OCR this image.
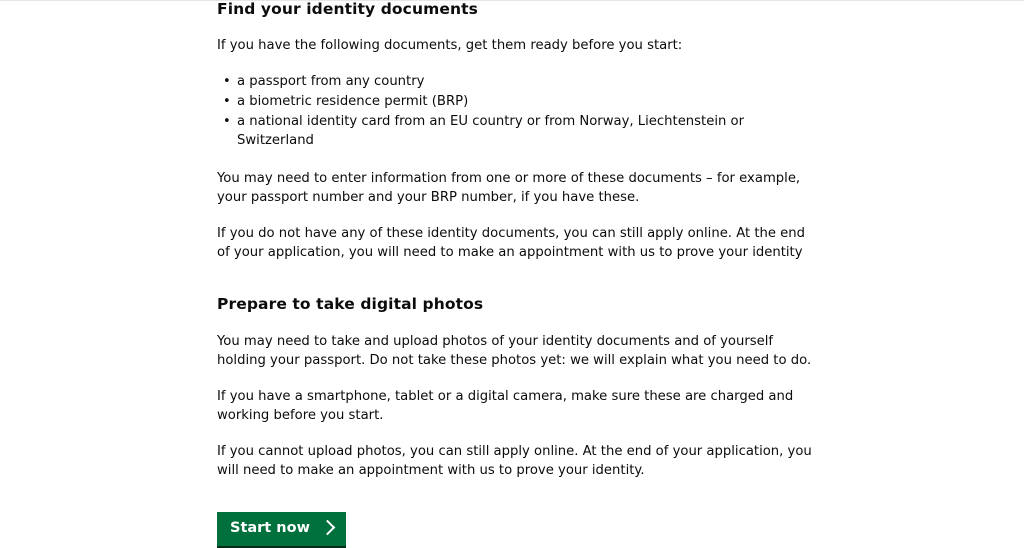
Find your identity documents

If you have the following documents, get them ready before you start:

• a passport from any country
• a biometric residence permit (BRP)
• a national identity card from an EU country or from Norway, Liechtenstein or Switzerland

You may need to enter information from one or more of these documents – for example, your passport number and your BRP number, if you have these.

If you do not have any of these identity documents, you can still apply online. At the end of your application, you will need to make an appointment with us to prove your identity

Prepare to take digital photos

You may need to take and upload photos of your identity documents and of yourself holding your passport. Do not take these photos yet: we will explain what you need to do.

If you have a smartphone, tablet or a digital camera, make sure these are charged and working before you start.

If you cannot upload photos, you can still apply online. At the end of your application, you will need to make an appointment with us to prove your identity.

Start now
